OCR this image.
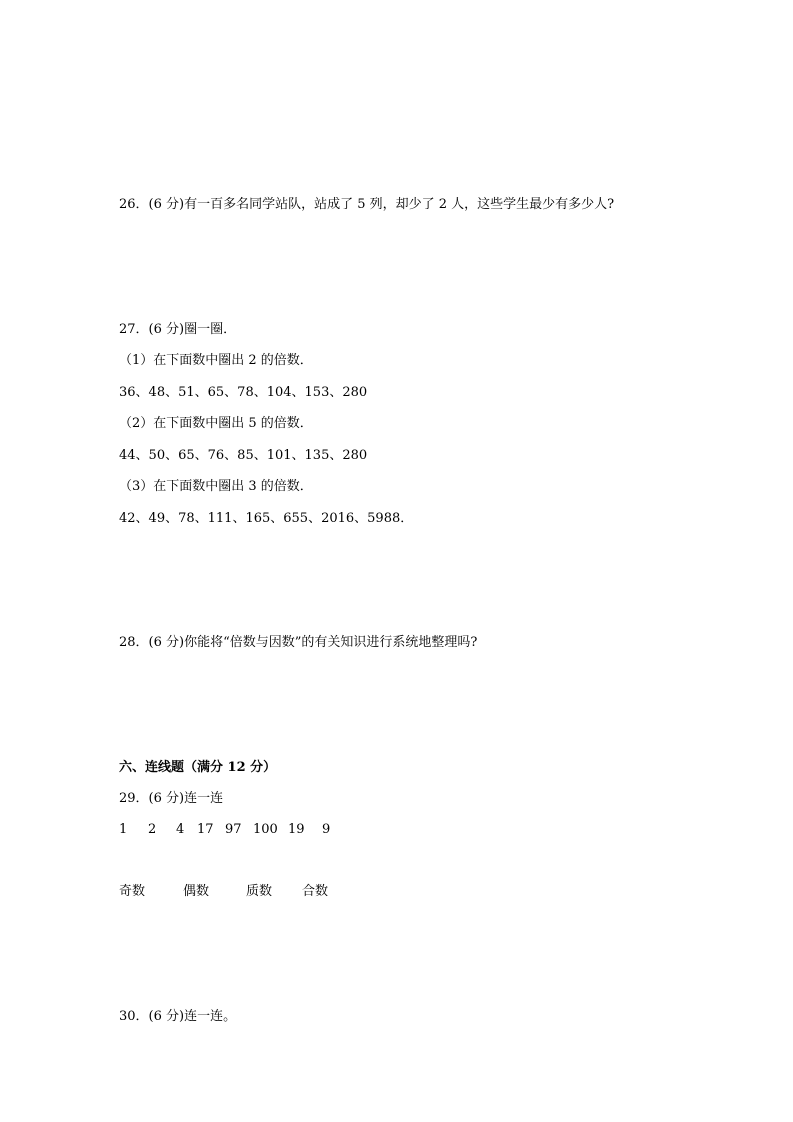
26．(6 分)有一百多名同学站队，站成了 5 列，却少了 2 人，这些学生最少有多少人?
27．(6 分)圈一圈．
（1）在下面数中圈出 2 的倍数．
36、48、51、65、78、104、153、280
（2）在下面数中圈出 5 的倍数．
44、50、65、76、85、101、135、280
（3）在下面数中圈出 3 的倍数．
42、49、78、111、165、655、2016、5988．
28．(6 分)你能将“倍数与因数”的有关知识进行系统地整理吗?
六、连线题（满分 12 分）
29．(6 分)连一连
1 2 4 17 97 100 19 9
奇数	偶数	质数 合数
30．(6 分)连一连。
